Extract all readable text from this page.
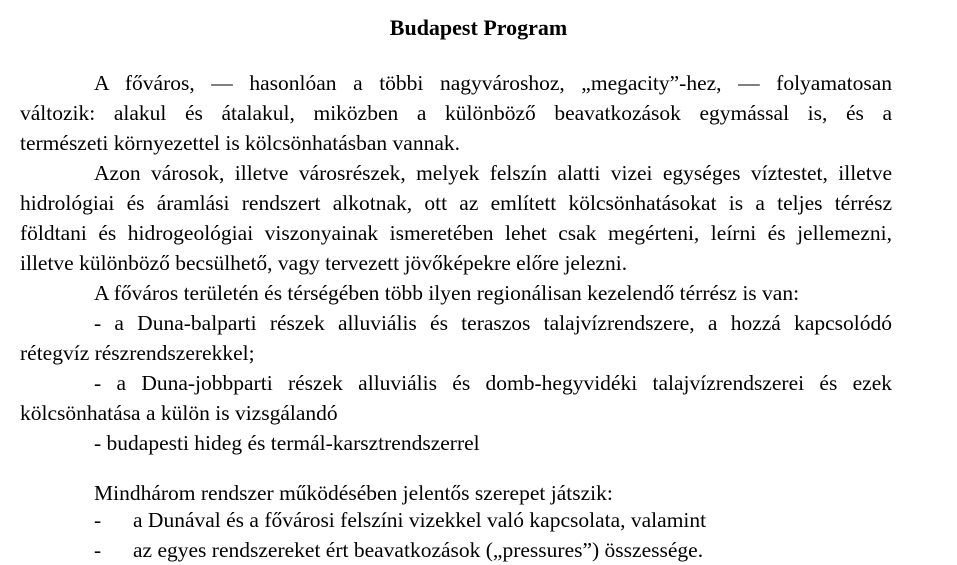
Budapest Program
A főváros, — hasonlóan a többi nagyvároshoz, „megacity”-hez, — folyamatosan
változik: alakul és átalakul, miközben a különböző beavatkozások egymással is, és a
természeti környezettel is kölcsönhatásban vannak.
Azon városok, illetve városrészek, melyek felszín alatti vizei egységes víztestet, illetve
hidrológiai és áramlási rendszert alkotnak, ott az említett kölcsönhatásokat is a teljes térrész
földtani és hidrogeológiai viszonyainak ismeretében lehet csak megérteni, leírni és jellemezni,
illetve különböző becsülhető, vagy tervezett jövőképekre előre jelezni.
A főváros területén és térségében több ilyen regionálisan kezelendő térrész is van:
- a Duna-balparti részek alluviális és teraszos talajvízrendszere, a hozzá kapcsolódó
rétegvíz részrendszerekkel;
- a Duna-jobbparti részek alluviális és domb-hegyvidéki talajvízrendszerei és ezek
kölcsönhatása a külön is vizsgálandó
- budapesti hideg és termál-karsztrendszerrel
Mindhárom rendszer működésében jelentős szerepet játszik:
- a Dunával és a fővárosi felszíni vizekkel való kapcsolata, valamint
- az egyes rendszereket ért beavatkozások („pressures”) összessége.
